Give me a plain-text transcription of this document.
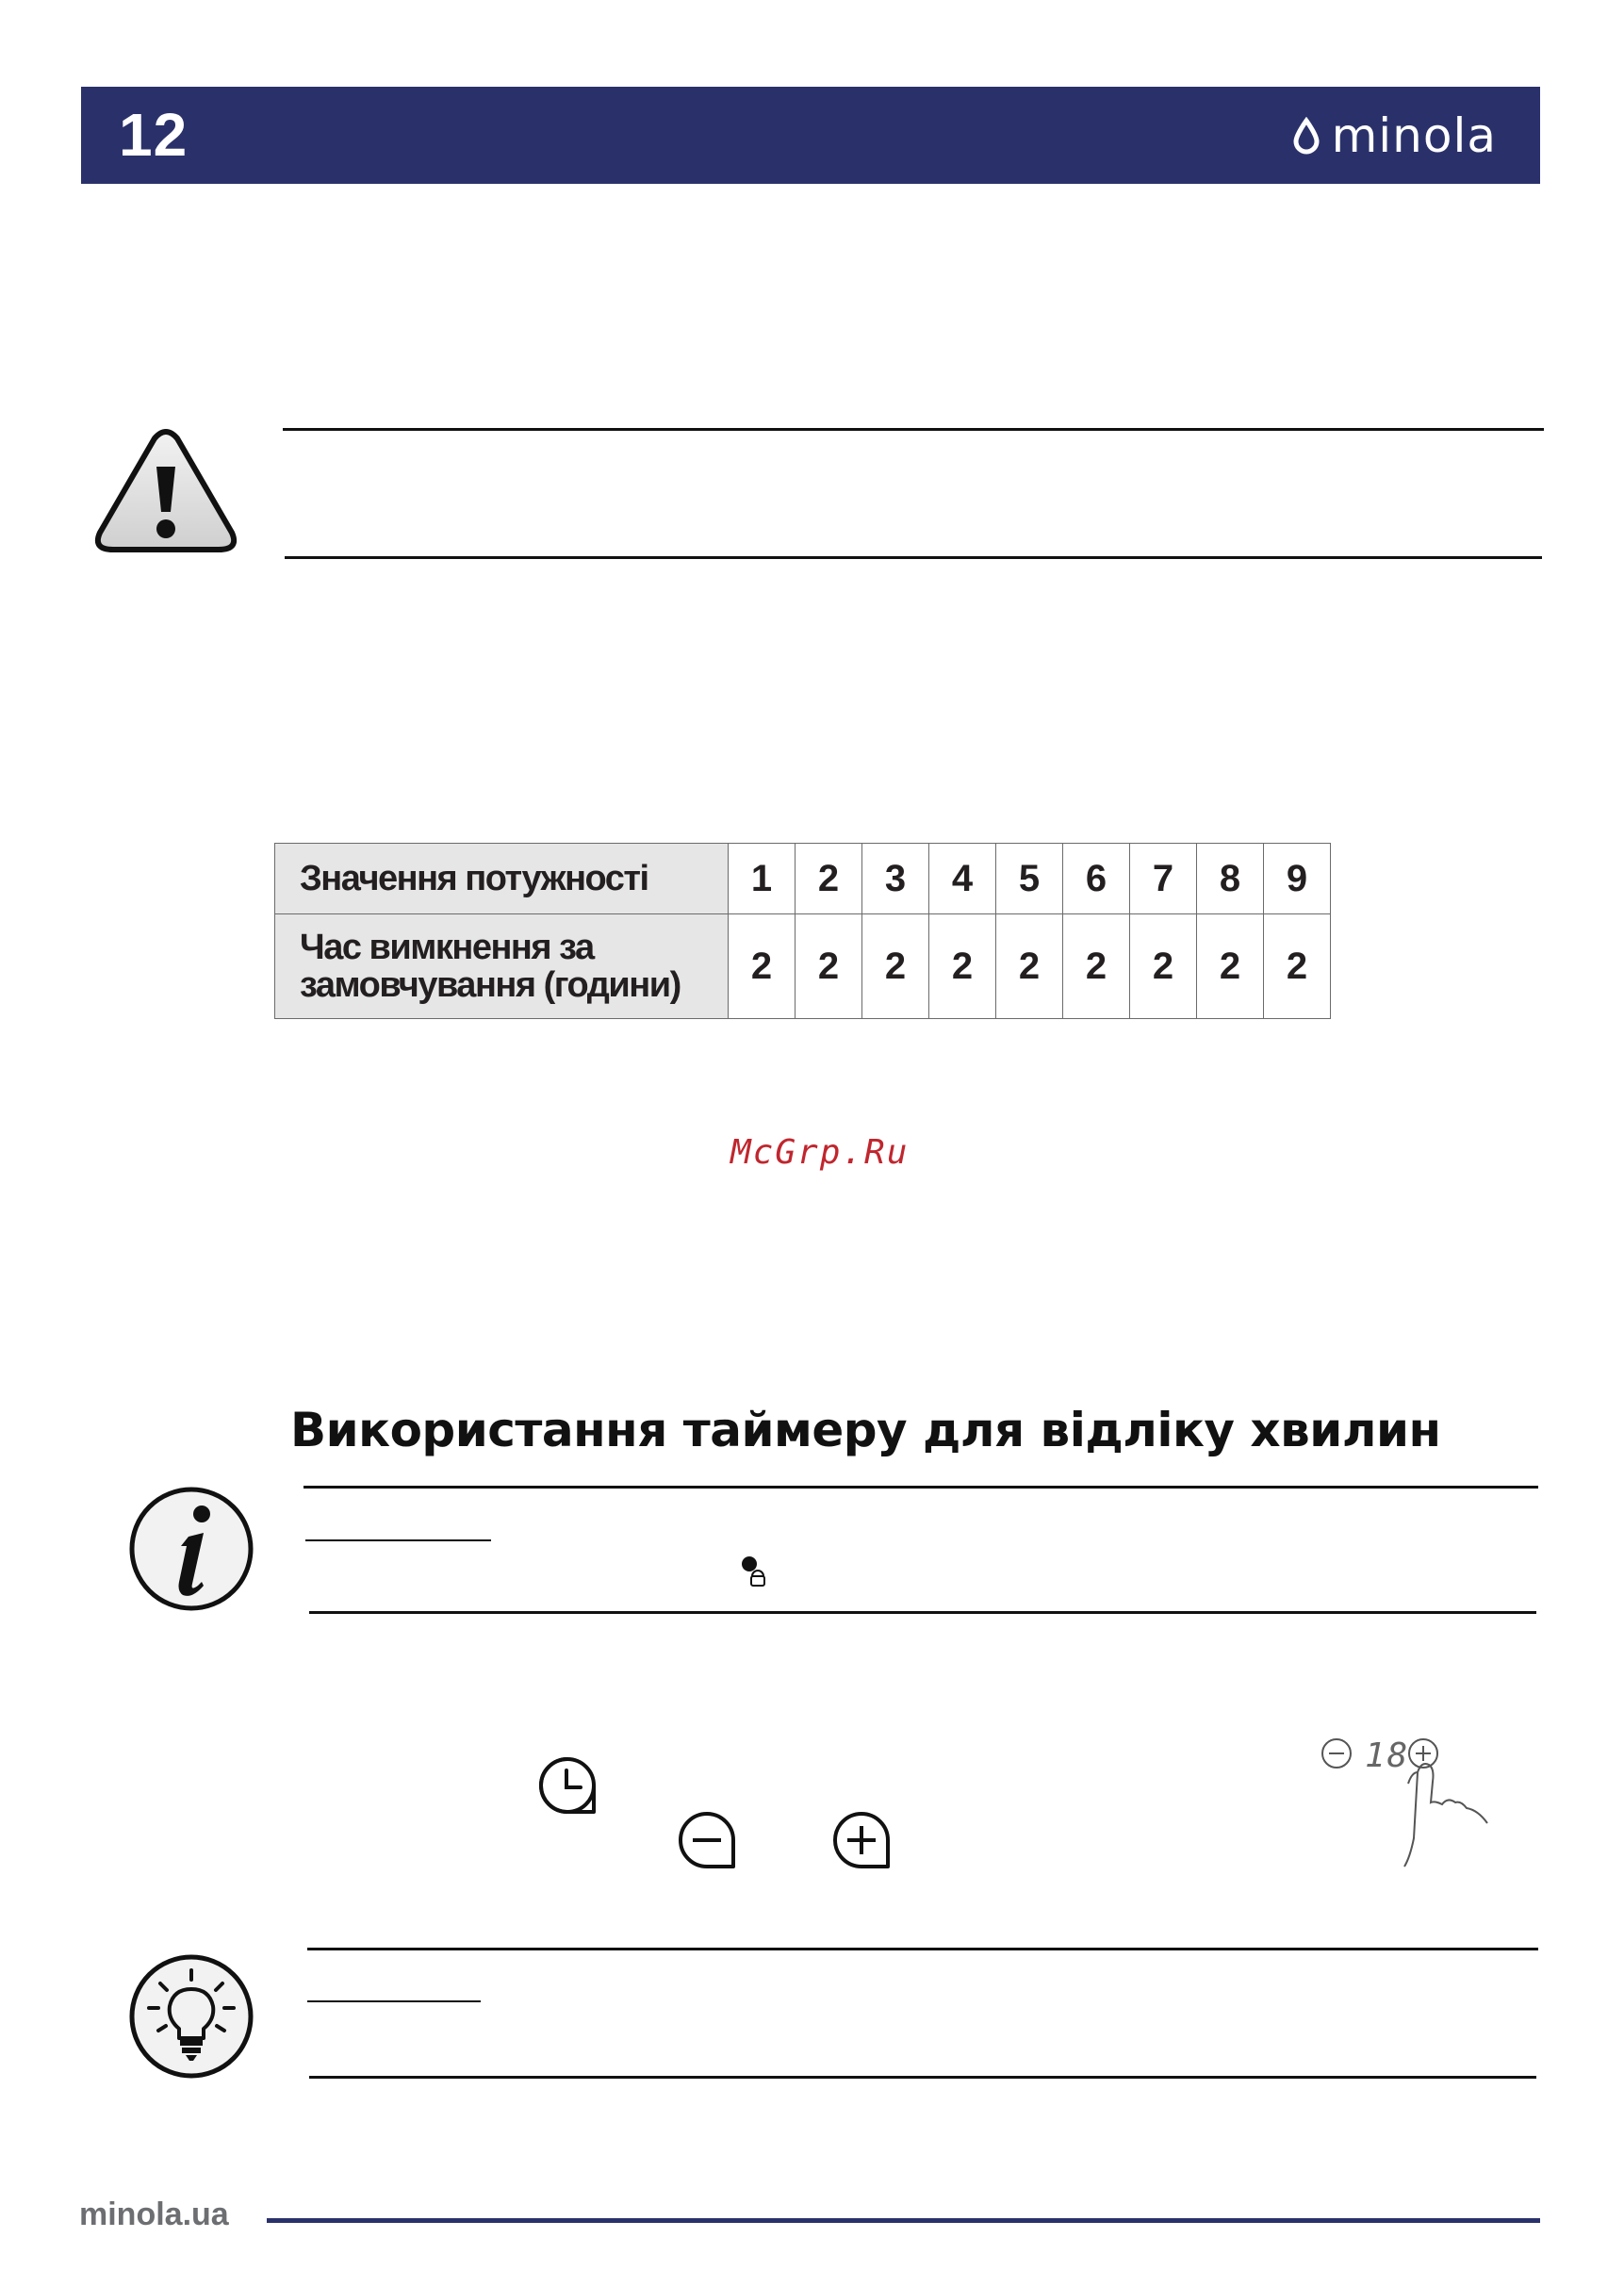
12	minola
Значення потужності	1	2	3	4	5	6	7	8	9
Час вимкнення за замовчування (години)	2	2	2	2	2	2	2	2	2
McGrp.Ru
Використання таймеру для відліку хвилин
18
minola.ua
